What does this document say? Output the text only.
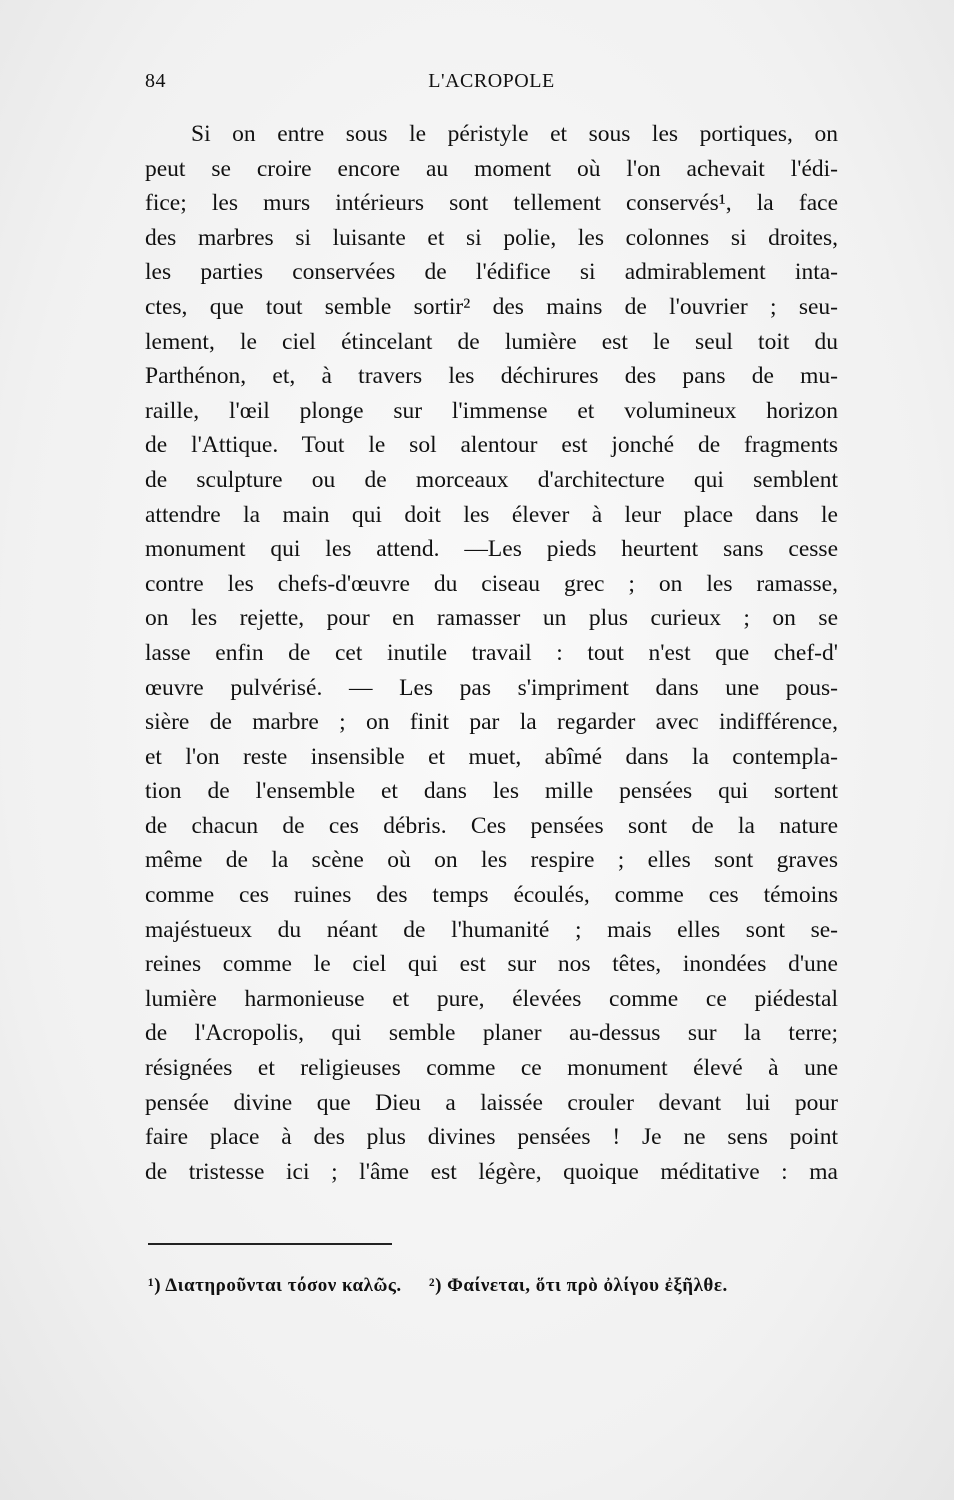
84	L'ACROPOLE
Si on entre sous le péristyle et sous les portiques, on
peut se croire encore au moment où l'on achevait l'édi-
fice; les murs intérieurs sont tellement conservés¹, la face
des marbres si luisante et si polie, les colonnes si droites,
les parties conservées de l'édifice si admirablement inta-
ctes, que tout semble sortir² des mains de l'ouvrier ; seu-
lement, le ciel étincelant de lumière est le seul toit du
Parthénon, et, à travers les déchirures des pans de mu-
raille, l'œil plonge sur l'immense et volumineux horizon
de l'Attique. Tout le sol alentour est jonché de fragments
de sculpture ou de morceaux d'architecture qui semblent
attendre la main qui doit les élever à leur place dans le
monument qui les attend. —Les pieds heurtent sans cesse
contre les chefs-d'œuvre du ciseau grec ; on les ramasse,
on les rejette, pour en ramasser un plus curieux ; on se
lasse enfin de cet inutile travail : tout n'est que chef-d'
œuvre pulvérisé. — Les pas s'impriment dans une pous-
sière de marbre ; on finit par la regarder avec indifférence,
et l'on reste insensible et muet, abîmé dans la contempla-
tion de l'ensemble et dans les mille pensées qui sortent
de chacun de ces débris. Ces pensées sont de la nature
même de la scène où on les respire ; elles sont graves
comme ces ruines des temps écoulés, comme ces témoins
majéstueux du néant de l'humanité ; mais elles sont se-
reines comme le ciel qui est sur nos têtes, inondées d'une
lumière harmonieuse et pure, élevées comme ce piédestal
de l'Acropolis, qui semble planer au-dessus sur la terre;
résignées et religieuses comme ce monument élevé à une
pensée divine que Dieu a laissée crouler devant lui pour
faire place à des plus divines pensées ! Je ne sens point
de tristesse ici ; l'âme est légère, quoique méditative : ma
¹) Διατηροῦνται τόσον καλῶς. ²) Φαίνεται, ὅτι πρὸ ὀλίγου ἐξῆλθε.
